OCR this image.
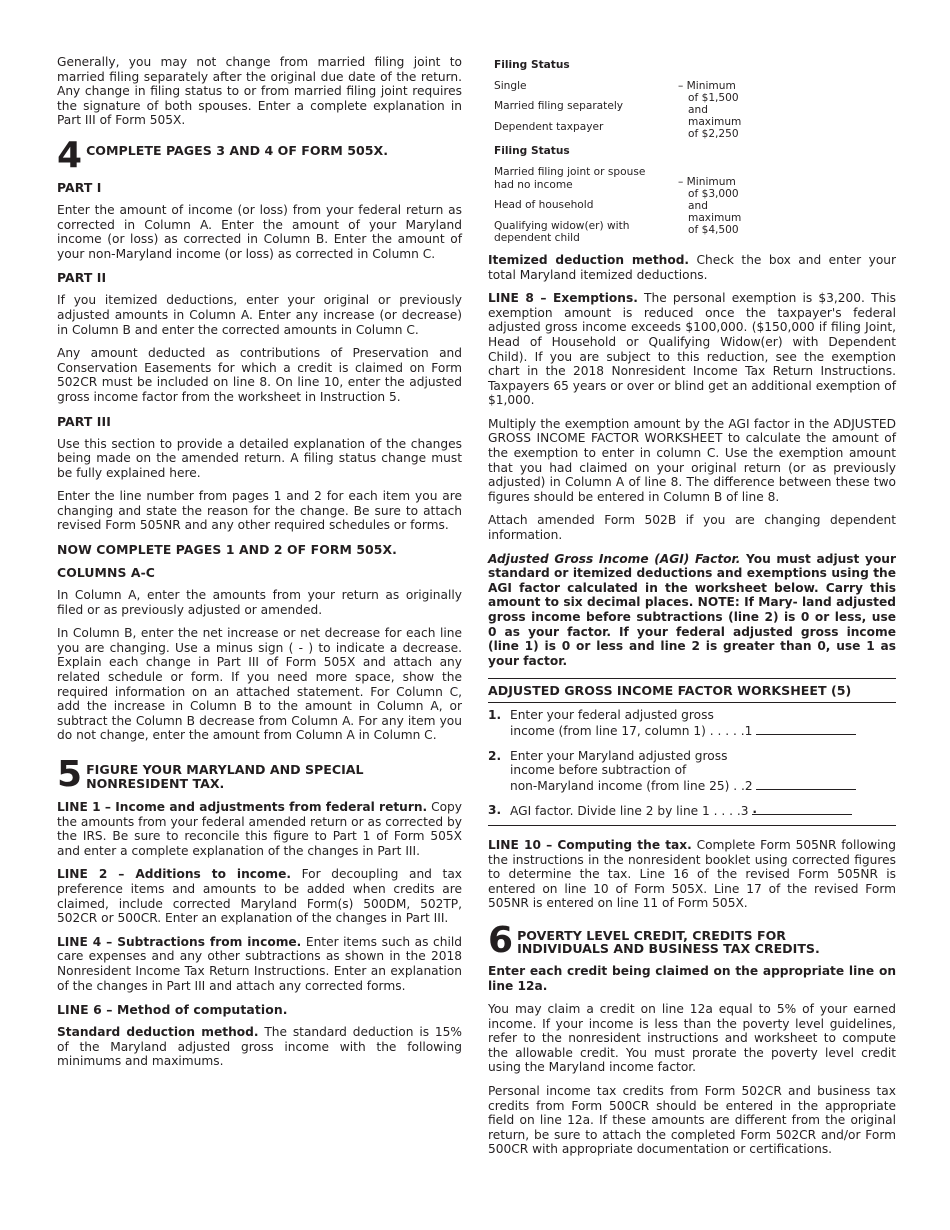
Generally, you may not change from married filing joint to married filing separately after the original due date of the return. Any change in filing status to or from married filing joint requires the signature of both spouses. Enter a complete explanation in Part III of Form 505X.

4 COMPLETE PAGES 3 AND 4 OF FORM 505X.
PART I

Enter the amount of income (or loss) from your federal return as corrected in Column A. Enter the amount of your Maryland income (or loss) as corrected in Column B. Enter the amount of your non-Maryland income (or loss) as corrected in Column C.

PART II

If you itemized deductions, enter your original or previously adjusted amounts in Column A. Enter any increase (or decrease) in Column B and enter the corrected amounts in Column C.

Any amount deducted as contributions of Preservation and Conservation Easements for which a credit is claimed on Form 502CR must be included on line 8. On line 10, enter the adjusted gross income factor from the worksheet in Instruction 5.

PART III

Use this section to provide a detailed explanation of the changes being made on the amended return. A filing status change must be fully explained here.

Enter the line number from pages 1 and 2 for each item you are changing and state the reason for the change. Be sure to attach revised Form 505NR and any other required schedules or forms.

NOW COMPLETE PAGES 1 AND 2 OF FORM 505X.
COLUMNS A-C

In Column A, enter the amounts from your return as originally filed or as previously adjusted or amended.

In Column B, enter the net increase or net decrease for each line you are changing. Use a minus sign ( - ) to indicate a decrease. Explain each change in Part III of Form 505X and attach any related schedule or form. If you need more space, show the required information on an attached statement. For Column C, add the increase in Column B to the amount in Column A, or subtract the Column B decrease from Column A. For any item you do not change, enter the amount from Column A in Column C.

5 FIGURE YOUR MARYLAND AND SPECIAL
NONRESIDENT TAX.

LINE 1 – Income and adjustments from federal return. Copy the amounts from your federal amended return or as corrected by the IRS. Be sure to reconcile this figure to Part 1 of Form 505X and enter a complete explanation of the changes in Part III.

LINE 2 – Additions to income. For decoupling and tax preference items and amounts to be added when credits are claimed, include corrected Maryland Form(s) 500DM, 502TP, 502CR or 500CR. Enter an explanation of the changes in Part III.

LINE 4 – Subtractions from income. Enter items such as child care expenses and any other subtractions as shown in the 2018 Nonresident Income Tax Return Instructions. Enter an explanation of the changes in Part III and attach any corrected forms.

LINE 6 – Method of computation.

Standard deduction method. The standard deduction is 15% of the Maryland adjusted gross income with the following minimums and maximums.

Filing Status
Single
Married filing separately
Dependent taxpayer
– Minimum
of $1,500
and
maximum
of $2,250
Filing Status
Married filing joint or spouse had no income
Head of household
Qualifying widow(er) with dependent child
– Minimum
of $3,000
and
maximum
of $4,500

Itemized deduction method. Check the box and enter your total Maryland itemized deductions.

LINE 8 – Exemptions. The personal exemption is $3,200. This exemption amount is reduced once the taxpayer's federal adjusted gross income exceeds $100,000. ($150,000 if filing Joint, Head of Household or Qualifying Widow(er) with Dependent Child). If you are subject to this reduction, see the exemption chart in the 2018 Nonresident Income Tax Return Instructions. Taxpayers 65 years or over or blind get an additional exemption of $1,000.

Multiply the exemption amount by the AGI factor in the ADJUSTED GROSS INCOME FACTOR WORKSHEET to calculate the amount of the exemption to enter in column C. Use the exemption amount that you had claimed on your original return (or as previously adjusted) in Column A of line 8. The difference between these two figures should be entered in Column B of line 8.

Attach amended Form 502B if you are changing dependent information.

Adjusted Gross Income (AGI) Factor. You must adjust your standard or itemized deductions and exemptions using the AGI factor calculated in the worksheet below. Carry this amount to six decimal places. NOTE: If Mary- land adjusted gross income before subtractions (line 2) is 0 or less, use 0 as your factor. If your federal adjusted gross income (line 1) is 0 or less and line 2 is greater than 0, use 1 as your factor.

ADJUSTED GROSS INCOME FACTOR WORKSHEET (5)
1. Enter your federal adjusted gross
income (from line 17, column 1) . . . . .1
2. Enter your Maryland adjusted gross
income before subtraction of
non-Maryland income (from line 25) . .2
3. AGI factor. Divide line 2 by line 1 . . . .3 .

LINE 10 – Computing the tax. Complete Form 505NR following the instructions in the nonresident booklet using corrected figures to determine the tax. Line 16 of the revised Form 505NR is entered on line 10 of Form 505X. Line 17 of the revised Form 505NR is entered on line 11 of Form 505X.

6 POVERTY LEVEL CREDIT, CREDITS FOR
INDIVIDUALS AND BUSINESS TAX CREDITS.

Enter each credit being claimed on the appropriate line on line 12a.

You may claim a credit on line 12a equal to 5% of your earned income. If your income is less than the poverty level guidelines, refer to the nonresident instructions and worksheet to compute the allowable credit. You must prorate the poverty level credit using the Maryland income factor.

Personal income tax credits from Form 502CR and business tax credits from Form 500CR should be entered in the appropriate field on line 12a. If these amounts are different from the original return, be sure to attach the completed Form 502CR and/or Form 500CR with appropriate documentation or certifications.
